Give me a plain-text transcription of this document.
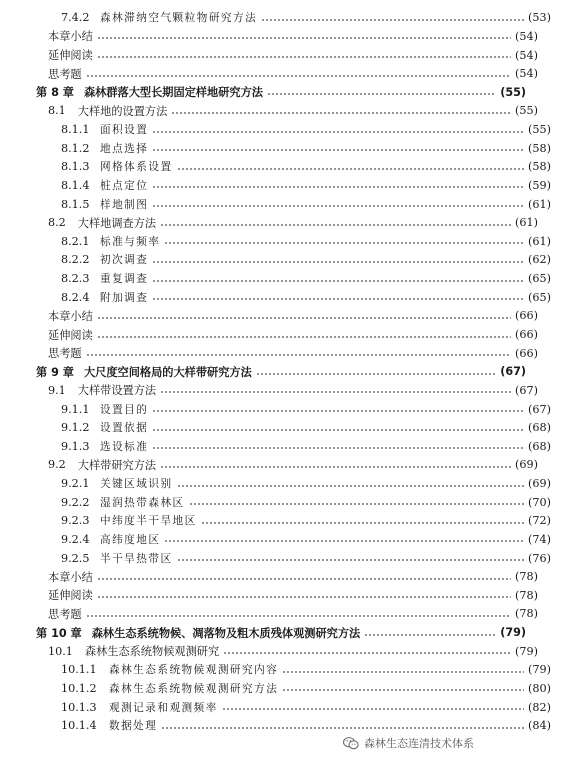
7.4.2 森林滞纳空气颗粒物研究方法	(53)
本章小结	(54)
延伸阅读	(54)
思考题	(54)
第 8 章 森林群落大型长期固定样地研究方法	(55)
8.1 大样地的设置方法	(55)
8.1.1 面积设置	(55)
8.1.2 地点选择	(58)
8.1.3 网格体系设置	(58)
8.1.4 桩点定位	(59)
8.1.5 样地制图	(61)
8.2 大样地调查方法	(61)
8.2.1 标准与频率	(61)
8.2.2 初次调查	(62)
8.2.3 重复调查	(65)
8.2.4 附加调查	(65)
本章小结	(66)
延伸阅读	(66)
思考题	(66)
第 9 章 大尺度空间格局的大样带研究方法	(67)
9.1 大样带设置方法	(67)
9.1.1 设置目的	(67)
9.1.2 设置依据	(68)
9.1.3 选设标准	(68)
9.2 大样带研究方法	(69)
9.2.1 关键区域识别	(69)
9.2.2 湿润热带森林区	(70)
9.2.3 中纬度半干旱地区	(72)
9.2.4 高纬度地区	(74)
9.2.5 半干旱热带区	(76)
本章小结	(78)
延伸阅读	(78)
思考题	(78)
第 10 章 森林生态系统物候、凋落物及粗木质残体观测研究方法	(79)
10.1 森林生态系统物候观测研究	(79)
10.1.1	森林生态系统物候观测研究内容	(79)
10.1.2	森林生态系统物候观测研究方法	(80)
10.1.3	观测记录和观测频率	(82)
10.1.4	数据处理	(84)
森林生态连清技术体系
